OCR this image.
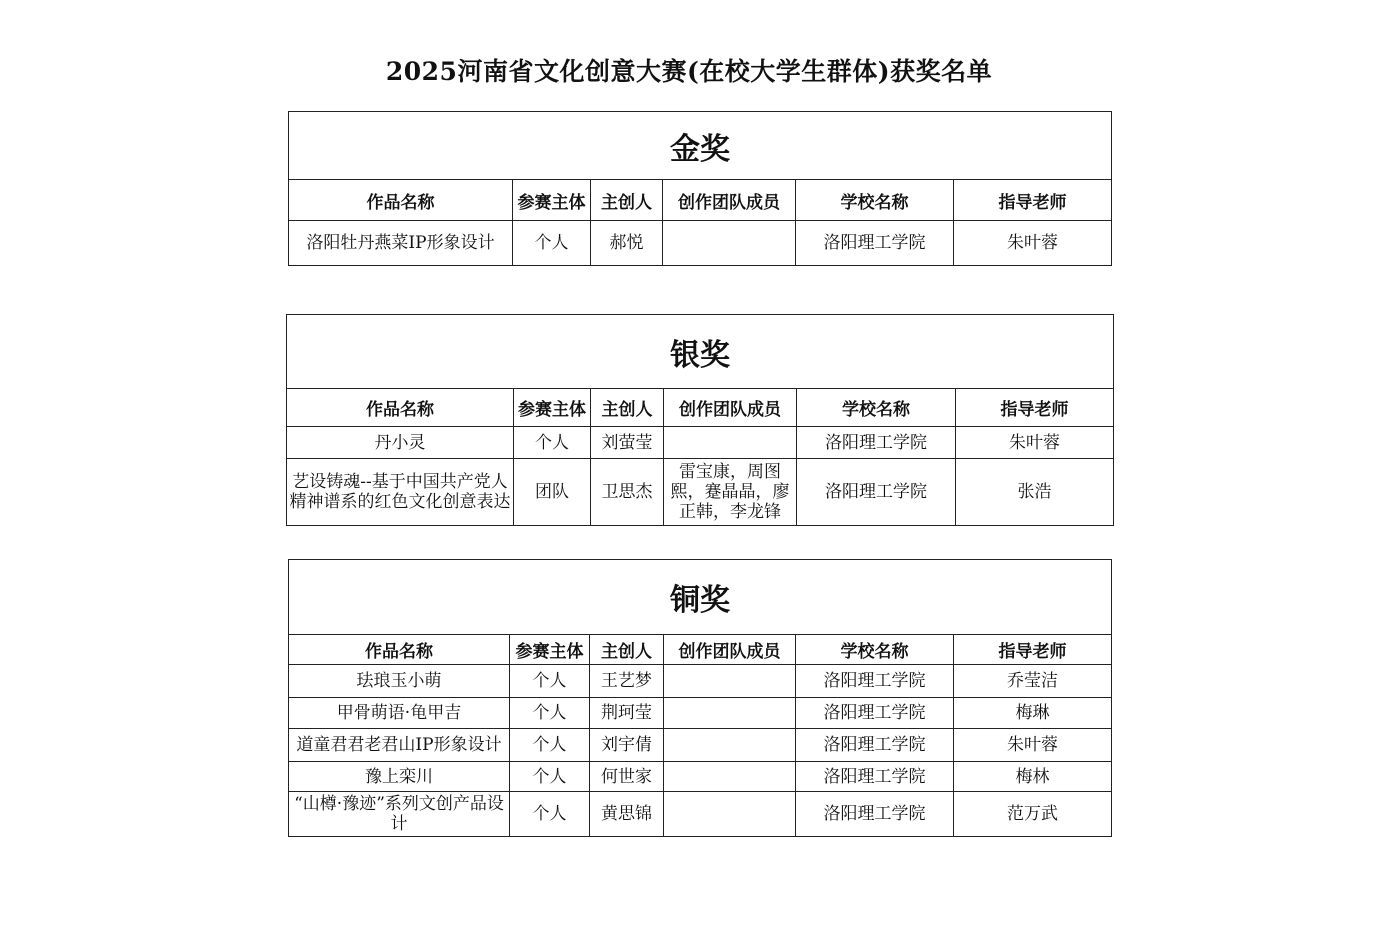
2025河南省文化创意大赛(在校大学生群体)获奖名单
金奖					
作品名称	参赛主体	主创人	创作团队成员	学校名称	指导老师
洛阳牡丹燕菜IP形象设计	个人	郝悦		洛阳理工学院	朱叶蓉
银奖					
作品名称	参赛主体	主创人	创作团队成员	学校名称	指导老师
丹小灵	个人	刘萤莹		洛阳理工学院	朱叶蓉
艺设铸魂--基于中国共产党人精神谱系的红色文化创意表达	团队	卫思杰	雷宝康，周图熙，蹇晶晶，廖正韩，李龙锋	洛阳理工学院	张浩
铜奖					
作品名称	参赛主体	主创人	创作团队成员	学校名称	指导老师
珐琅玉小萌	个人	王艺梦		洛阳理工学院	乔莹洁
甲骨萌语·龟甲吉	个人	荆珂莹		洛阳理工学院	梅琳
道童君君老君山IP形象设计	个人	刘宇倩		洛阳理工学院	朱叶蓉
豫上栾川	个人	何世家		洛阳理工学院	梅林
“山樽·豫迹”系列文创产品设计	个人	黄思锦		洛阳理工学院	范万武
